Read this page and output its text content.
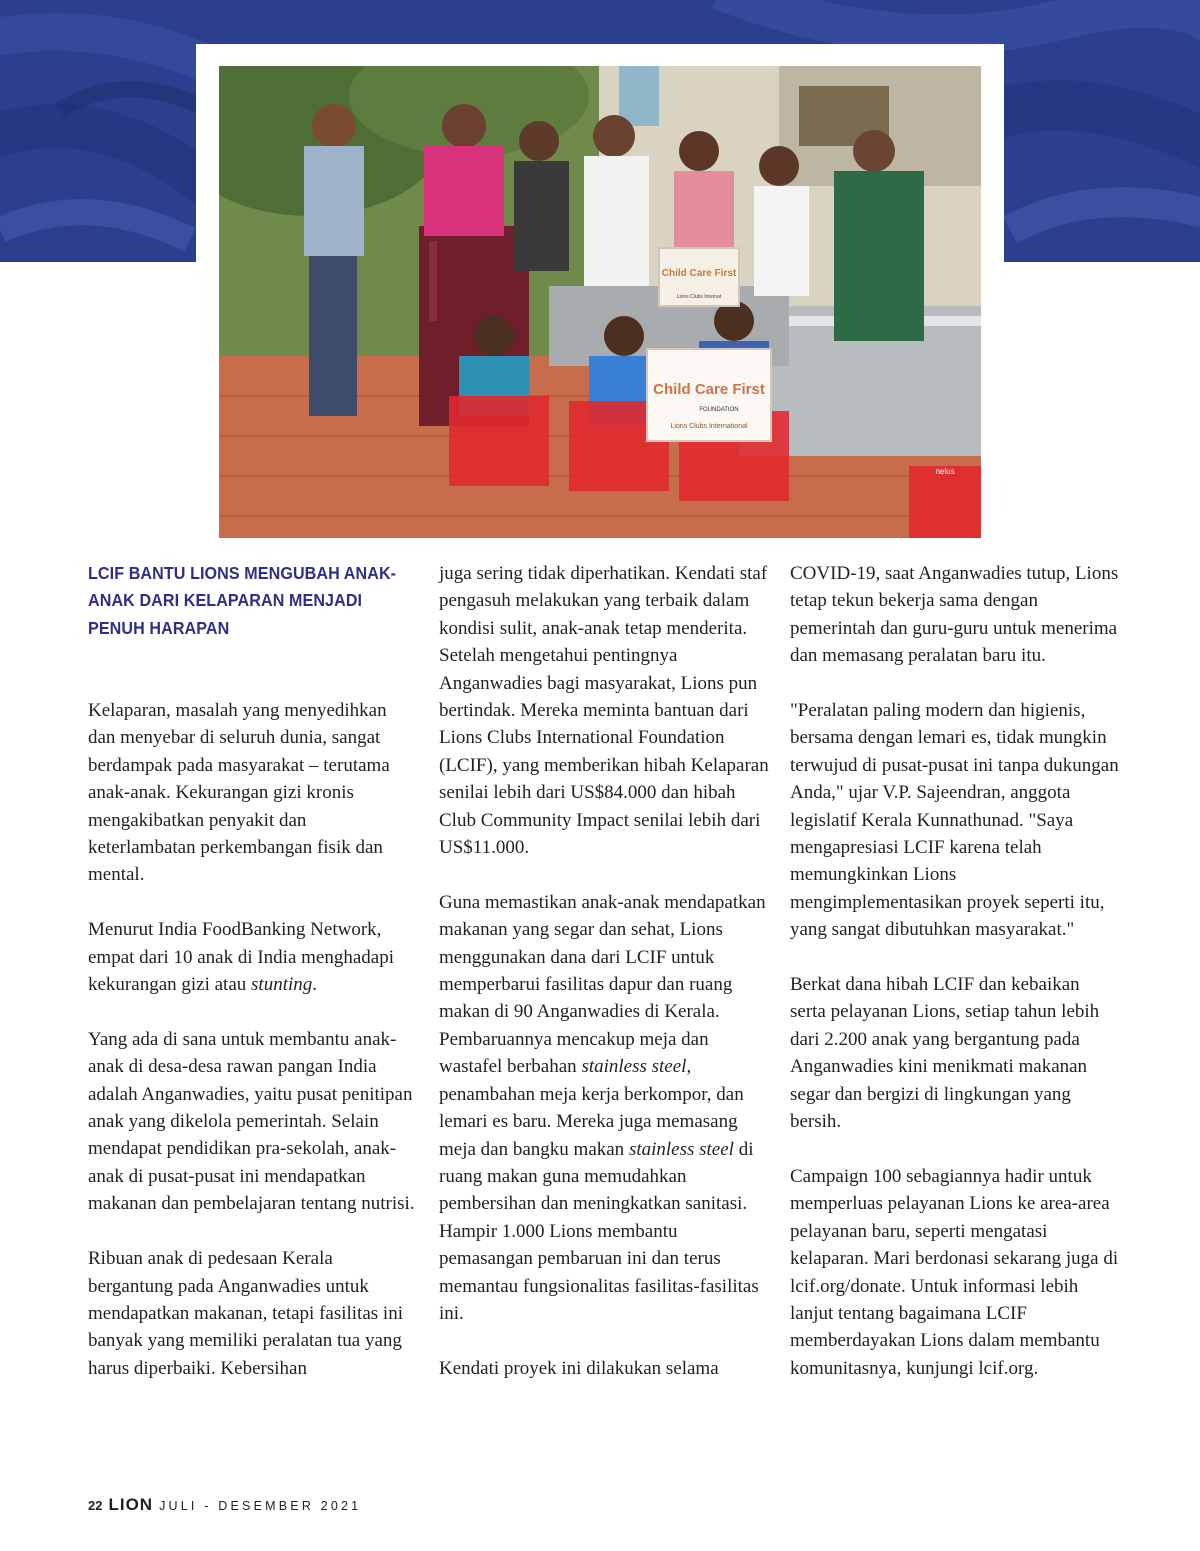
Child Care First
Lions Clubs Internat
Child Care First
FOUNDATION
Lions Clubs International
nelus
LCIF BANTU LIONS MENGUBAH ANAK-ANAK DARI KELAPARAN MENJADI PENUH HARAPAN

Kelaparan, masalah yang menyedihkan dan menyebar di seluruh dunia, sangat berdampak pada masyarakat – terutama anak-anak. Kekurangan gizi kronis mengakibatkan penyakit dan keterlambatan perkembangan fisik dan mental.

Menurut India FoodBanking Network, empat dari 10 anak di India menghadapi kekurangan gizi atau stunting.

Yang ada di sana untuk membantu anak-anak di desa-desa rawan pangan India adalah Anganwadies, yaitu pusat penitipan anak yang dikelola pemerintah. Selain mendapat pendidikan pra-sekolah, anak-anak di pusat-pusat ini mendapatkan makanan dan pembelajaran tentang nutrisi.

Ribuan anak di pedesaan Kerala bergantung pada Anganwadies untuk mendapatkan makanan, tetapi fasilitas ini banyak yang memiliki peralatan tua yang harus diperbaiki. Kebersihan

juga sering tidak diperhatikan. Kendati staf pengasuh melakukan yang terbaik dalam kondisi sulit, anak-anak tetap menderita. Setelah mengetahui pentingnya Anganwadies bagi masyarakat, Lions pun bertindak. Mereka meminta bantuan dari Lions Clubs International Foundation (LCIF), yang memberikan hibah Kelaparan senilai lebih dari US$84.000 dan hibah Club Community Impact senilai lebih dari US$11.000.

Guna memastikan anak-anak mendapatkan makanan yang segar dan sehat, Lions menggunakan dana dari LCIF untuk memperbarui fasilitas dapur dan ruang makan di 90 Anganwadies di Kerala. Pembaruannya mencakup meja dan wastafel berbahan stainless steel, penambahan meja kerja berkompor, dan lemari es baru. Mereka juga memasang meja dan bangku makan stainless steel di ruang makan guna memudahkan pembersihan dan meningkatkan sanitasi. Hampir 1.000 Lions membantu pemasangan pembaruan ini dan terus memantau fungsionalitas fasilitas-fasilitas ini.

Kendati proyek ini dilakukan selama

COVID-19, saat Anganwadies tutup, Lions tetap tekun bekerja sama dengan pemerintah dan guru-guru untuk menerima dan memasang peralatan baru itu.

"Peralatan paling modern dan higienis, bersama dengan lemari es, tidak mungkin terwujud di pusat-pusat ini tanpa dukungan Anda," ujar V.P. Sajeendran, anggota legislatif Kerala Kunnathunad. "Saya mengapresiasi LCIF karena telah memungkinkan Lions mengimplementasikan proyek seperti itu, yang sangat dibutuhkan masyarakat."

Berkat dana hibah LCIF dan kebaikan serta pelayanan Lions, setiap tahun lebih dari 2.200 anak yang bergantung pada Anganwadies kini menikmati makanan segar dan bergizi di lingkungan yang bersih.

Campaign 100 sebagiannya hadir untuk memperluas pelayanan Lions ke area-area pelayanan baru, seperti mengatasi kelaparan. Mari berdonasi sekarang juga di lcif.org/donate. Untuk informasi lebih lanjut tentang bagaimana LCIF memberdayakan Lions dalam membantu komunitasnya, kunjungi lcif.org.

22 LION JULI - DESEMBER 2021
